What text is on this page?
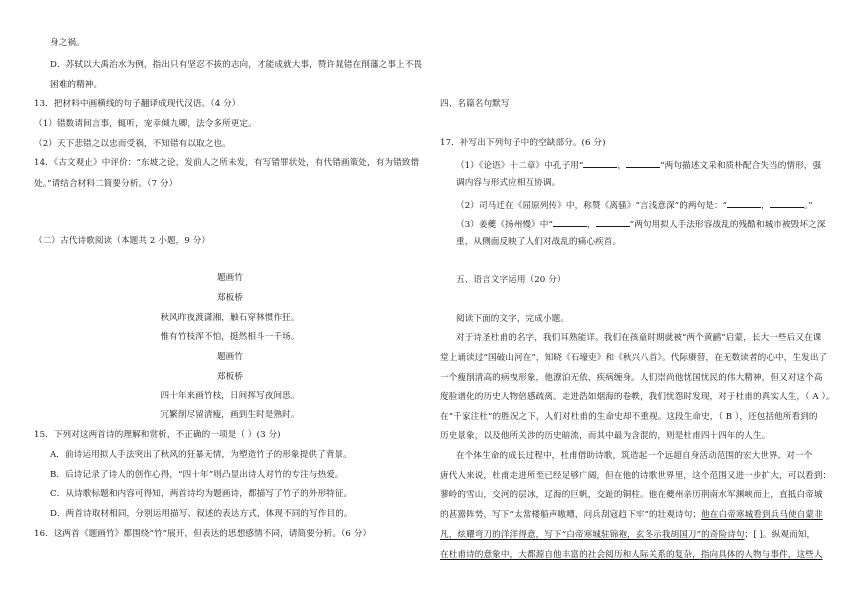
身之祸。
D．苏轼以大禹治水为例，指出只有坚忍不拔的志向，才能成就大事，赞许晁错在削藩之事上不畏
困难的精神。
13．把材料中画横线的句子翻译成现代汉语。（4 分）
（1）错数请间言事，辄听，宠幸倾九卿，法令多所更定。
（2）天下悲错之以忠而受祸，不知错有以取之也。
14．《古文观止》中评价：“东坡之论，发前人之所未发，有写错罪状处，有代错画策处，有为错致惜
处。”请结合材料二简要分析。（7 分）
（二）古代诗歌阅读（本题共 2 小题，9 分）
题画竹
郑板桥
秋风昨夜渡潇湘，触石穿林惯作狂。
惟有竹枝浑不怕，挺然相斗一千场。
题画竹
郑板桥
四十年来画竹枝，日间挥写夜间思。
冗繁削尽留清瘦，画到生时是熟时。
15．下列对这两首诗的理解和赏析，不正确的一项是（ ）(3 分)
A．前诗运用拟人手法突出了秋风的狂暴无情，为塑造竹子的形象提供了背景。
B．后诗记录了诗人的创作心得，“四十年”则凸显出诗人对竹的专注与热爱。
C．从诗歌标题和内容可得知，两首诗均为题画诗，都描写了竹子的外形特征。
D．两首诗取材相同，分别运用描写、叙述的表达方式，体现不同的写作目的。
16．这两首《题画竹》都围绕“竹”展开，但表达的思想感情不同，请简要分析。（6 分）
四、名篇名句默写
17．补写出下列句子中的空缺部分。(6 分)
（1）《论语》十二章》中孔子用“	，	”两句描述文采和质朴配合失当的情形，强
调内容与形式应相互协调。
（2）司马迁在《屈原列传》中，称赞《离骚》“言浅意深”的两句是：“	，	。”
（3）姜夔《扬州慢》中“	，	”两句用拟人手法形容战乱的残酷和城市被毁坏之深
重，从侧面反映了人们对战乱的痛心疾首。
五、语言文字运用（20 分）
阅读下面的文字，完成小题。
对于诗圣杜甫的名字，我们耳熟能详。我们在孩童时期就被“两个黄鹂”启蒙，长大一些后又在课
堂上诵读过“国破山河在”，知晓《石壕吏》和《秋兴八首》。代际赓替，在无数读者的心中，生发出了
一个瘦削清高的病曳形象，他潦泊无依，疾病缠身。人们崇尚他忧国忧民的伟大精神，但又对这个高
度脸谱化的历史人物倍感疏离。走进浩如烟海的卷帙，我们忧怨时发现，对于杜甫的真实人生，（ A ）。
在“千家注杜”的胜况之下，人们对杜甫的生命史却不重视。这段生命史，（ B ），还包括他所看到的
历史景象，以及他所关涉的历史暗流，而其中最为含混的，则是杜甫四十四年的人生。
在个体生命的成长过程中，杜甫借助诗歌，筑造起一个远超自身活动范围的宏大世界。对一个
唐代人来说，杜甫走进所至已经足够广阔，但在他的诗歌世界里，这个范围又进一步扩大，可以看到：
蓼岭的雪山，交河的层冰，辽海的巨帆，交趾的铜柱。他在夔州亲历荆南水军渊峡而上，直抵白帝城
的甚嚣阵势，写下“太常楼船声嗷嘈，问兵刮寇趋下牢”的壮观诗句；他在白帝寒城看到兵马使自蒙非
凡，炫耀弯刀的洋洋得意，写下“白帝寒城驻锦袍，玄冬示我胡国刀”的奇险诗句；[ ]。纵观而知，
在杜甫诗的意象中，大都源自他丰富的社会阅历和人际关系的复杂，指向具体的人物与事件，这些人
